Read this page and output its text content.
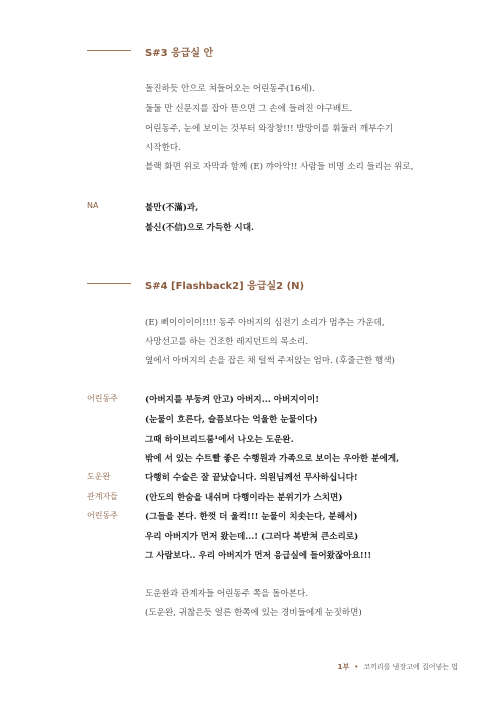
S#3 응급실 안
돌진하듯 안으로 쳐들어오는 어린동주(16세).
둘둘 만 신문지를 잡아 뜯으면 그 손에 들려진 야구배트.
어린동주, 눈에 보이는 것부터 와장창!!! 방망이를 휘둘러 깨부수기
시작한다.
블랙 화면 위로 자막과 함께 (E) 꺄아악!! 사람들 비명 소리 들리는 위로,
NA	불만(不滿)과,
불신(不信)으로 가득한 시대.
S#4 [Flashback2] 응급실2 (N)
(E) 삐이이이이!!!! 동주 아버지의 심전기 소리가 멈추는 가운데,
사망선고를 하는 건조한 레지던트의 목소리.
옆에서 아버지의 손을 잡은 채 털썩 주저앉는 엄마. (후줄근한 행색)
어린동주	(아버지를 부둥켜 안고) 아버지... 아버지이이!
(눈물이 흐른다, 슬픔보다는 억울한 눈물이다)
그때 하이브리드룸¹에서 나오는 도운완.
밖에 서 있는 수트빨 좋은 수행원과 가족으로 보이는 우아한 분에게,
도운완	다행히 수술은 잘 끝났습니다. 의원님께선 무사하십니다!
관계자들	(안도의 한숨을 내쉬며 다행이라는 분위기가 스치면)
어린동주	(그들을 본다. 한껏 더 울컥!!! 눈물이 치솟는다, 분해서)
우리 아버지가 먼저 왔는데...! (그러다 복받쳐 큰소리로)
그 사람보다.. 우리 아버지가 먼저 응급실에 들어왔잖아요!!!
도운완과 관계자들 어린동주 쪽을 돌아본다.
(도운완, 귀찮은듯 얼른 한쪽에 있는 경비들에게 눈짓하면)
1부 • 코끼리를 냉장고에 집어넣는 법
